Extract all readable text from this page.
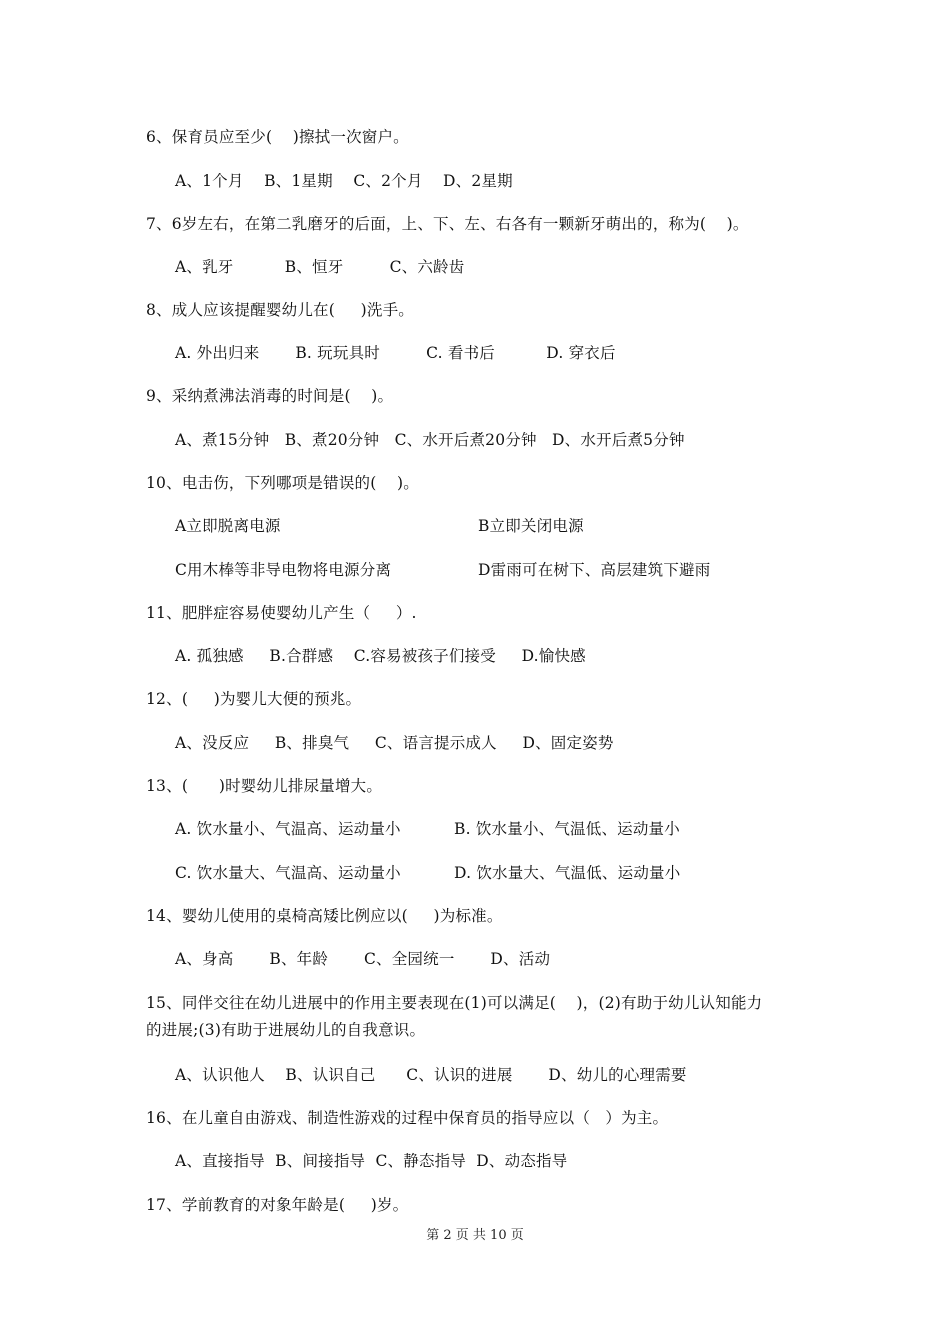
6、保育员应至少(    )擦拭一次窗户。
A、1个月    B、1星期    C、2个月    D、2星期
7、6岁左右，在第二乳磨牙的后面，上、下、左、右各有一颗新牙萌出的，称为(    )。
A、乳牙          B、恒牙         C、六龄齿
8、成人应该提醒婴幼儿在(     )洗手。
A. 外出归来       B. 玩玩具时         C. 看书后          D. 穿衣后
9、采纳煮沸法消毒的时间是(    )。
A、煮15分钟   B、煮20分钟   C、水开后煮20分钟   D、水开后煮5分钟
10、电击伤，下列哪项是错误的(    )。
A立即脱离电源	B立即关闭电源
C用木棒等非导电物将电源分离	D雷雨可在树下、高层建筑下避雨
11、肥胖症容易使婴幼儿产生（     ）.
A. 孤独感     B.合群感    C.容易被孩子们接受     D.愉快感
12、(     )为婴儿大便的预兆。
A、没反应     B、排臭气     C、语言提示成人     D、固定姿势
13、(      )时婴幼儿排尿量增大。
A. 饮水量小、气温高、运动量小	B. 饮水量小、气温低、运动量小
C. 饮水量大、气温高、运动量小	D. 饮水量大、气温低、运动量小
14、婴幼儿使用的桌椅高矮比例应以(     )为标准。
A、身高       B、年龄       C、全园统一       D、活动
15、同伴交往在幼儿进展中的作用主要表现在(1)可以满足(    )，(2)有助于幼儿认知能力
的进展;(3)有助于进展幼儿的自我意识。
A、认识他人    B、认识自己      C、认识的进展       D、幼儿的心理需要
16、在儿童自由游戏、制造性游戏的过程中保育员的指导应以（   ）为主。
A、直接指导  B、间接指导  C、静态指导  D、动态指导
17、学前教育的对象年龄是(     )岁。
第 2 页 共 10 页
